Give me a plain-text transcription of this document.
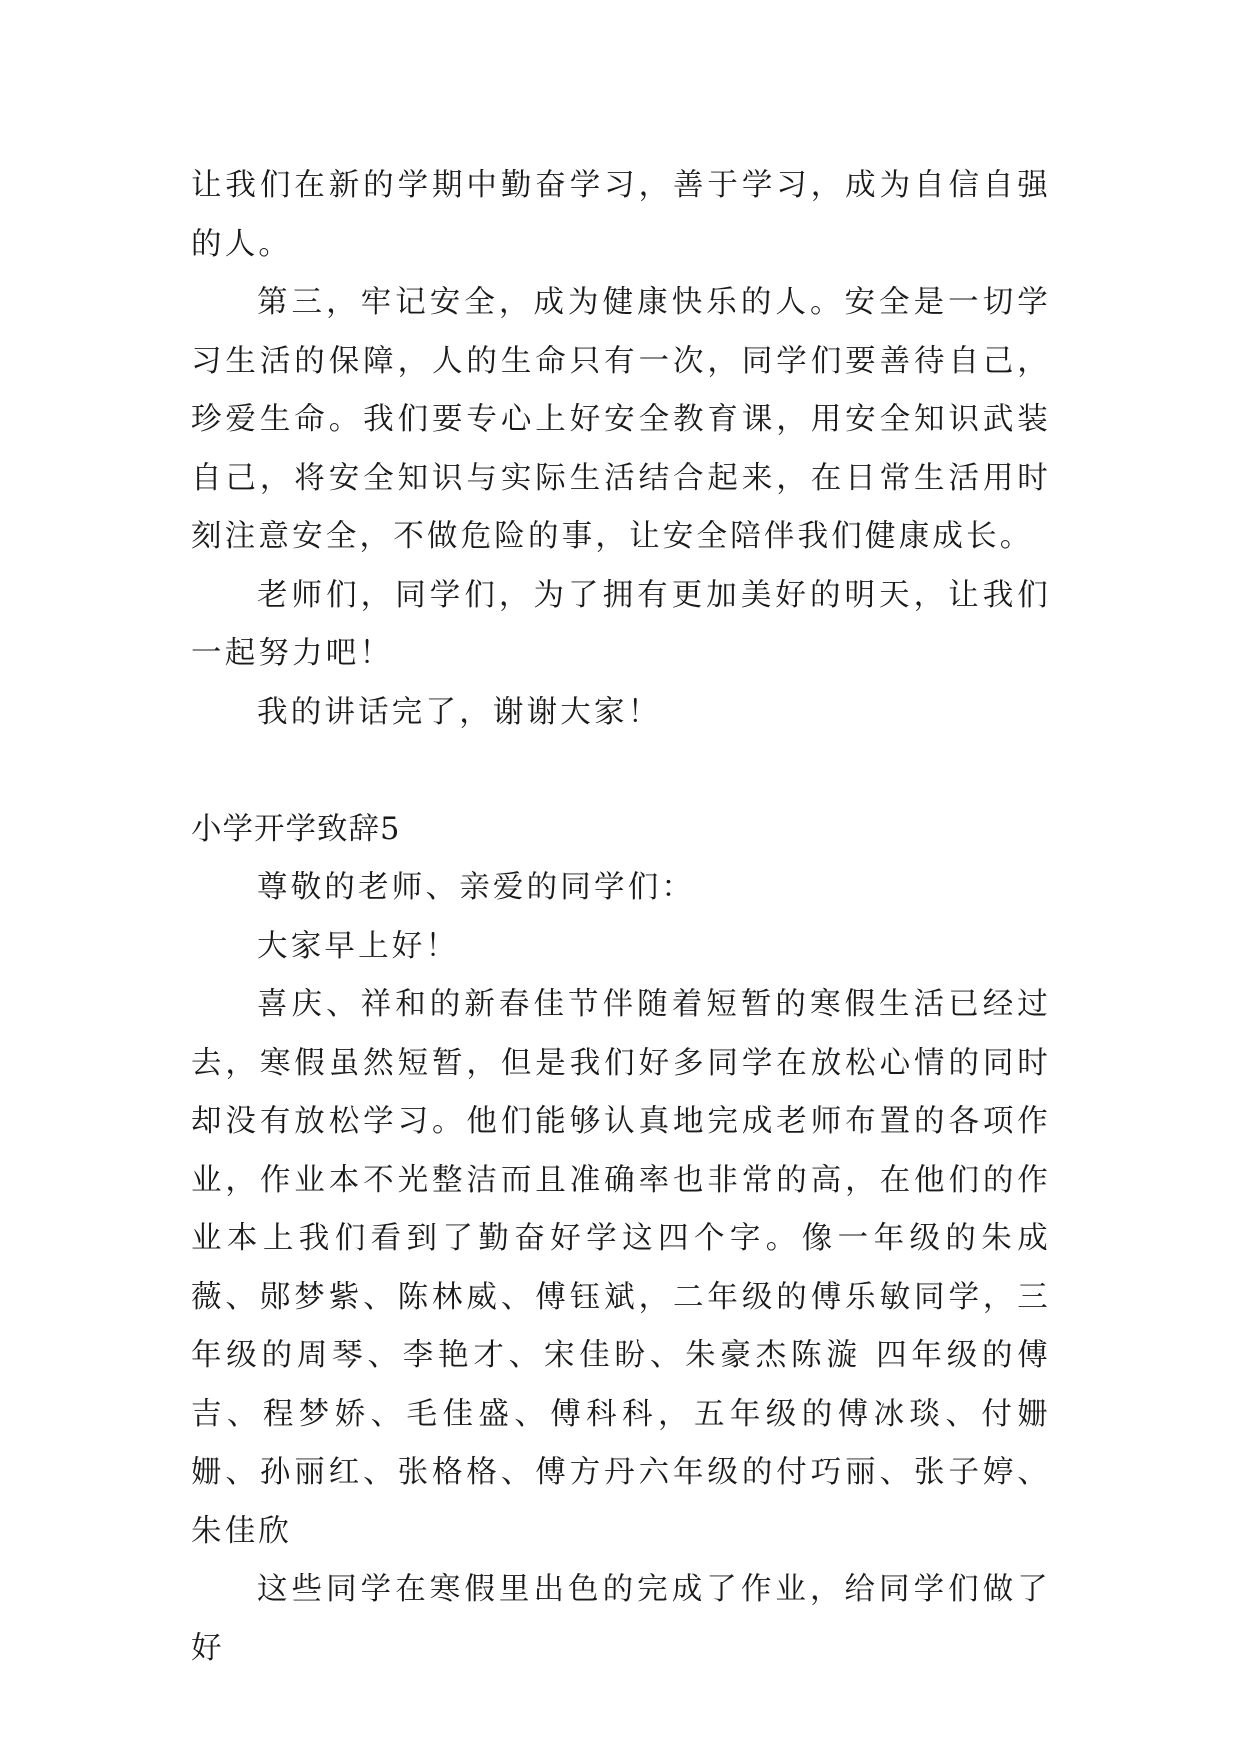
让我们在新的学期中勤奋学习，善于学习，成为自信自强的人。

第三，牢记安全，成为健康快乐的人。安全是一切学习生活的保障，人的生命只有一次，同学们要善待自己，珍爱生命。我们要专心上好安全教育课，用安全知识武装自己，将安全知识与实际生活结合起来，在日常生活用时刻注意安全，不做危险的事，让安全陪伴我们健康成长。

老师们，同学们，为了拥有更加美好的明天，让我们一起努力吧！

我的讲话完了，谢谢大家！

小学开学致辞5

尊敬的老师、亲爱的同学们：

大家早上好！

喜庆、祥和的新春佳节伴随着短暂的寒假生活已经过去，寒假虽然短暂，但是我们好多同学在放松心情的同时却没有放松学习。他们能够认真地完成老师布置的各项作业，作业本不光整洁而且准确率也非常的高，在他们的作业本上我们看到了勤奋好学这四个字。像一年级的朱成薇、郧梦紫、陈林威、傅钰斌，二年级的傅乐敏同学，三年级的周琴、李艳才、宋佳盼、朱豪杰陈漩 四年级的傅吉、程梦娇、毛佳盛、傅科科，五年级的傅冰琰、付姗姗、孙丽红、张格格、傅方丹六年级的付巧丽、张子婷、朱佳欣

这些同学在寒假里出色的完成了作业，给同学们做了好
